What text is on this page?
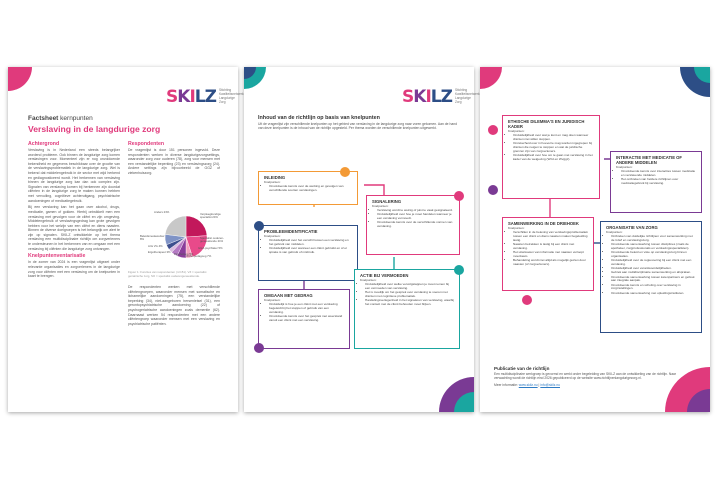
SKILZ Stichting
Kwaliteitsnetwerk
Langdurige
Zorg
Factsheet kernpunten
Verslaving in de langdurige zorg
Achtergrond

Verslaving is in Nederland een steeds belangrijker wordend probleem. Ook binnen de langdurige zorg komen verslavingen voor. Momenteel zijn er nog onvoldoende bekendheid en gegevens beschikbaar over de grootte van de verslavingsproblematiek in de langdurige zorg. Wel is bekend dat middelengebruik in de sector met wijd herkend en gediagnosticeerd wordt. Het herkennen van verslaving binnen de langdurige zorg kan dan ook complex zijn. Signalen van verslaving komen bij herkennen zijn doordat cliënten in de langdurige zorg te maken kunnen hebben met vervuiling, cognitieve achteruitgang, psychiatrische aandoeningen of medicatiegebruik.

Bij een verslaving kan het gaan over alcohol, drugs, medicatie, gamen of gokken. Hierbij ontwikkelt men een verslaving met gevolgen voor de cliënt en zijn omgeving. Middelengebruik of verslavingsgedrag kan grote gevolgen hebben voor het welzijn van een cliënt en diens naasten. Binnen de diverse doelgroepen is het belangrijk om alert te zijn op signalen. SKILZ ontwikkelde op het thema verslaving een multidisciplinaire richtlijn om zorgverleners te ondersteunen in het herkennen van en omgaan met een verslaving bij cliënten die langdurige zorg ontvangen.

Knelpuntenventarisatie

In de zomer van 2024 is een vragenlijst uitgezet onder relevante organisaties en zorgverleners in de langdurige zorg voor cliënten met een verslaving om de knelpunten in kaart te brengen.

Respondenten

De vragenlijst is door 151 personen ingevuld. Deze respondenten werken in diverse langdurigezorgsettings, waaronder zorg voor ouderen (78), zorg voor mensen met een verstandelijke beperking (23) en verslavingszorg (24). Andere settings zijn bijvoorbeeld de GGZ of ziekenhuiszorg.

Figuur 1: Functies van respondenten (n=151). VZ = specialist geriatrische zorg, SO = specialist ouderengeneeskunde.

De respondenten werken met verschillende cliëntengroepen, waaronder mensen met somatische en lichamelijke aandoeningen (75), een verstandelijke beperking (34), niet-aangeboren hersenletsel (31), een gerontopsychiatrische aandoening (22) of psychogeriatrische aandoeningen zoals dementie (62). Daarnaast werken 54 respondenten met een andere cliëntengroep waaronder mensen met een verslaving en psychiatrische patiënten.

Verpleegkundige specialist 24%
Specialist ouderen-geneeskunde 21%
GGZ-psychiater 5%
Ortho-pedagoog 7%
Psycholoog 5%
Ergotherapeut 3%
Arts VG 4%
Beleidsmedewerker 8%
Anders 23%
SKILZ Stichting
Kwaliteitsnetwerk
Langdurige
Zorg
Inhoud van de richtlijn op basis van knelpunten
Uit de vragenlijst zijn verschillende knelpunten op het gebied van verslaving in de langdurige zorg naar voren gekomen. Aan de hand van deze knelpunten is de inhoud van de richtlijn opgesteld. Per thema worden de verschillende knelpunten uitgewerkt.
INLEIDING
Knelpunten:
• Onvoldoende kennis over de werking en gevolgen van verschillende soorten verslavingen.
SIGNALERING
Knelpunten:
• Verslaving wordt te weinig of juist te vaak gesignaleerd.
• Onduidelijkheid over hoe je moet handelen wanneer je een verslaving vermoedt.
• Onvoldoende kennis over de verschillende vormen van verslaving.
PROBLEEMIDENTIFICATIE
Knelpunten:
• Onduidelijkheid over het verschil tussen een verslaving en het gebruik van middelen.
• Onduidelijkheid over wanneer een cliënt gebruikt en of er sprake is van gebruik of misbruik.
ACTIE BIJ VERMOEDEN
Knelpunten:
• Onduidelijkheid over welke vervolgstappen je moet nemen bij een vermoeden van verslaving.
• Het is moeilijk om het gesprek over verslaving te voeren met cliënten met cognitieve problematiek.
• Handelingsverlegenheid in het signaleren van verslaving, waarbij het contact met de cliënt behouden moet blijven.
OMGAAN MET GEDRAG
Knelpunten:
• Onduidelijk is hoe je een cliënt met een verslaving begeleidt bij het stoppen of gebruik van een verslaving.
• Onvoldoende kennis over het gesprek met weerstand vanuit een cliënt met een verslaving.
ETHISCHE DILEMMA'S EN JURIDISCH KADER
Knelpunten:
• Onduidelijkheid over wat je kunt en mag doen wanneer cliënten niet willen stoppen.
• Onzekerheid over in hoeverre mag worden ingegrepen bij cliënten die neigen te stoppen en wat de juridische grenzen zijn van zorgverleners.
• Onduidelijkheid over hoe om te gaan met verslaving in het kader van de wetgeving (Wzd en Wvggz).	INTERACTIE MET MEDICATIE OF ANDERE MIDDELEN
Knelpunten:
• Onvoldoende kennis over interacties tussen medicatie en verslavende middelen.
• Het ontbreken van heldere richtlijnen over medicatiegebruik bij verslaving.
SAMENWERKING IN DE DRIEHOEK
Knelpunten:
• Verschillen in de beleving van verslavingsproblematiek tussen een cliënt en diens naasten maken begeleiding lastig.
• Naasten betrekken is lastig bij een cliënt met verslaving.
• Het uitwisselen van informatie met naasten verloopt moeizaam.
• Behandeling wordt niet altijd als mogelijk gezien door naasten (of zorgverleners).
ORGANISATIE VAN ZORG
Knelpunten:
• Ontbreken van duidelijke richtlijnen voor samenwerking met de GGZ en verslavingszorg.
• Onvoldoende samenwerking tussen disciplines (zoals de apotheker, zorgprofessionals en verslavingsspecialisten).
• Onvoldoende beleid en visie op verslavingszorg binnen organisaties.
• Onduidelijkheid over de regievoering bij een cliënt met een verslaving.
• Onduidelijkheid over verantwoordelijkheden.
• Gebrek aan multidisciplinaire samenwerking en afspraken.
• Onvoldoende samenwerking tussen ketenpartners en gebrek aan integrale aanpak.
• Onvoldoende kennis en scholing over verslaving in zorginstellingen.
• Onvoldoende samenwerking met opleidingsinstituten.
Publicatie van de richtlijn
Een multidisciplinaire werkgroep is gevormd en werkt onder begeleiding van SKILZ aan de ontwikkeling van de richtlijn. Naar verwachting wordt de richtlijn eind 2026 gepubliceerd op de website www.richtlijnenlangdurigezorg.nl.
Meer informatie: www.skilz.nu | info@skilz.nu
